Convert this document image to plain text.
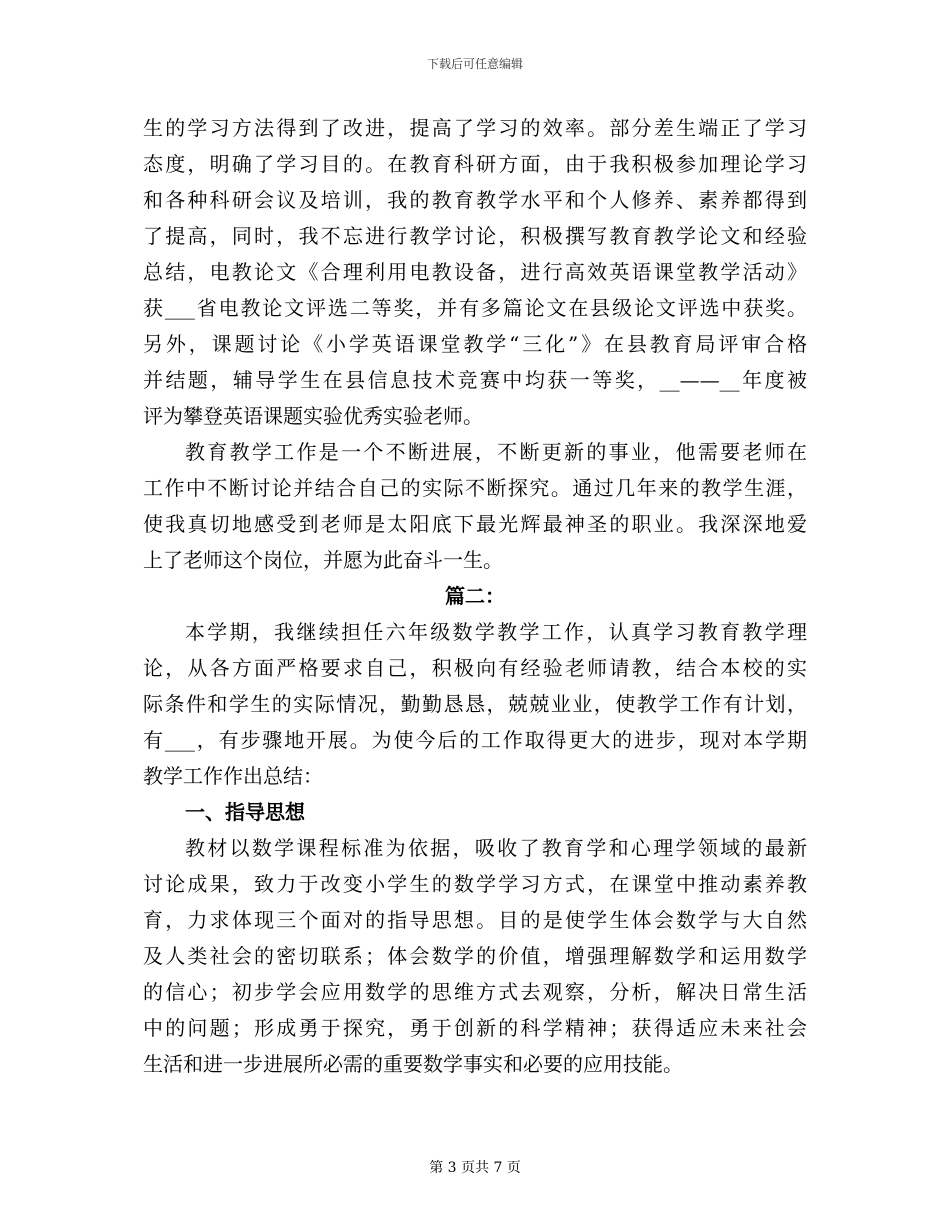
下载后可任意编辑
生的学习方法得到了改进，提高了学习的效率。部分差生端正了学习
态度，明确了学习目的。在教育科研方面，由于我积极参加理论学习
和各种科研会议及培训，我的教育教学水平和个人修养、素养都得到
了提高，同时，我不忘进行教学讨论，积极撰写教育教学论文和经验
总结，电教论文《合理利用电教设备，进行高效英语课堂教学活动》
获___省电教论文评选二等奖，并有多篇论文在县级论文评选中获奖。
另外，课题讨论《小学英语课堂教学“三化”》在县教育局评审合格
并结题，辅导学生在县信息技术竞赛中均获一等奖，__——__年度被
评为攀登英语课题实验优秀实验老师。
教育教学工作是一个不断进展，不断更新的事业，他需要老师在
工作中不断讨论并结合自己的实际不断探究。通过几年来的教学生涯，
使我真切地感受到老师是太阳底下最光辉最神圣的职业。我深深地爱
上了老师这个岗位，并愿为此奋斗一生。
篇二：
本学期，我继续担任六年级数学教学工作，认真学习教育教学理
论，从各方面严格要求自己，积极向有经验老师请教，结合本校的实
际条件和学生的实际情况，勤勤恳恳，兢兢业业，使教学工作有计划，
有___，有步骤地开展。为使今后的工作取得更大的进步，现对本学期
教学工作作出总结：
一、指导思想
教材以数学课程标准为依据，吸收了教育学和心理学领域的最新
讨论成果，致力于改变小学生的数学学习方式，在课堂中推动素养教
育，力求体现三个面对的指导思想。目的是使学生体会数学与大自然
及人类社会的密切联系；体会数学的价值，增强理解数学和运用数学
的信心；初步学会应用数学的思维方式去观察，分析，解决日常生活
中的问题；形成勇于探究，勇于创新的科学精神；获得适应未来社会
生活和进一步进展所必需的重要数学事实和必要的应用技能。
第 3 页共 7 页
